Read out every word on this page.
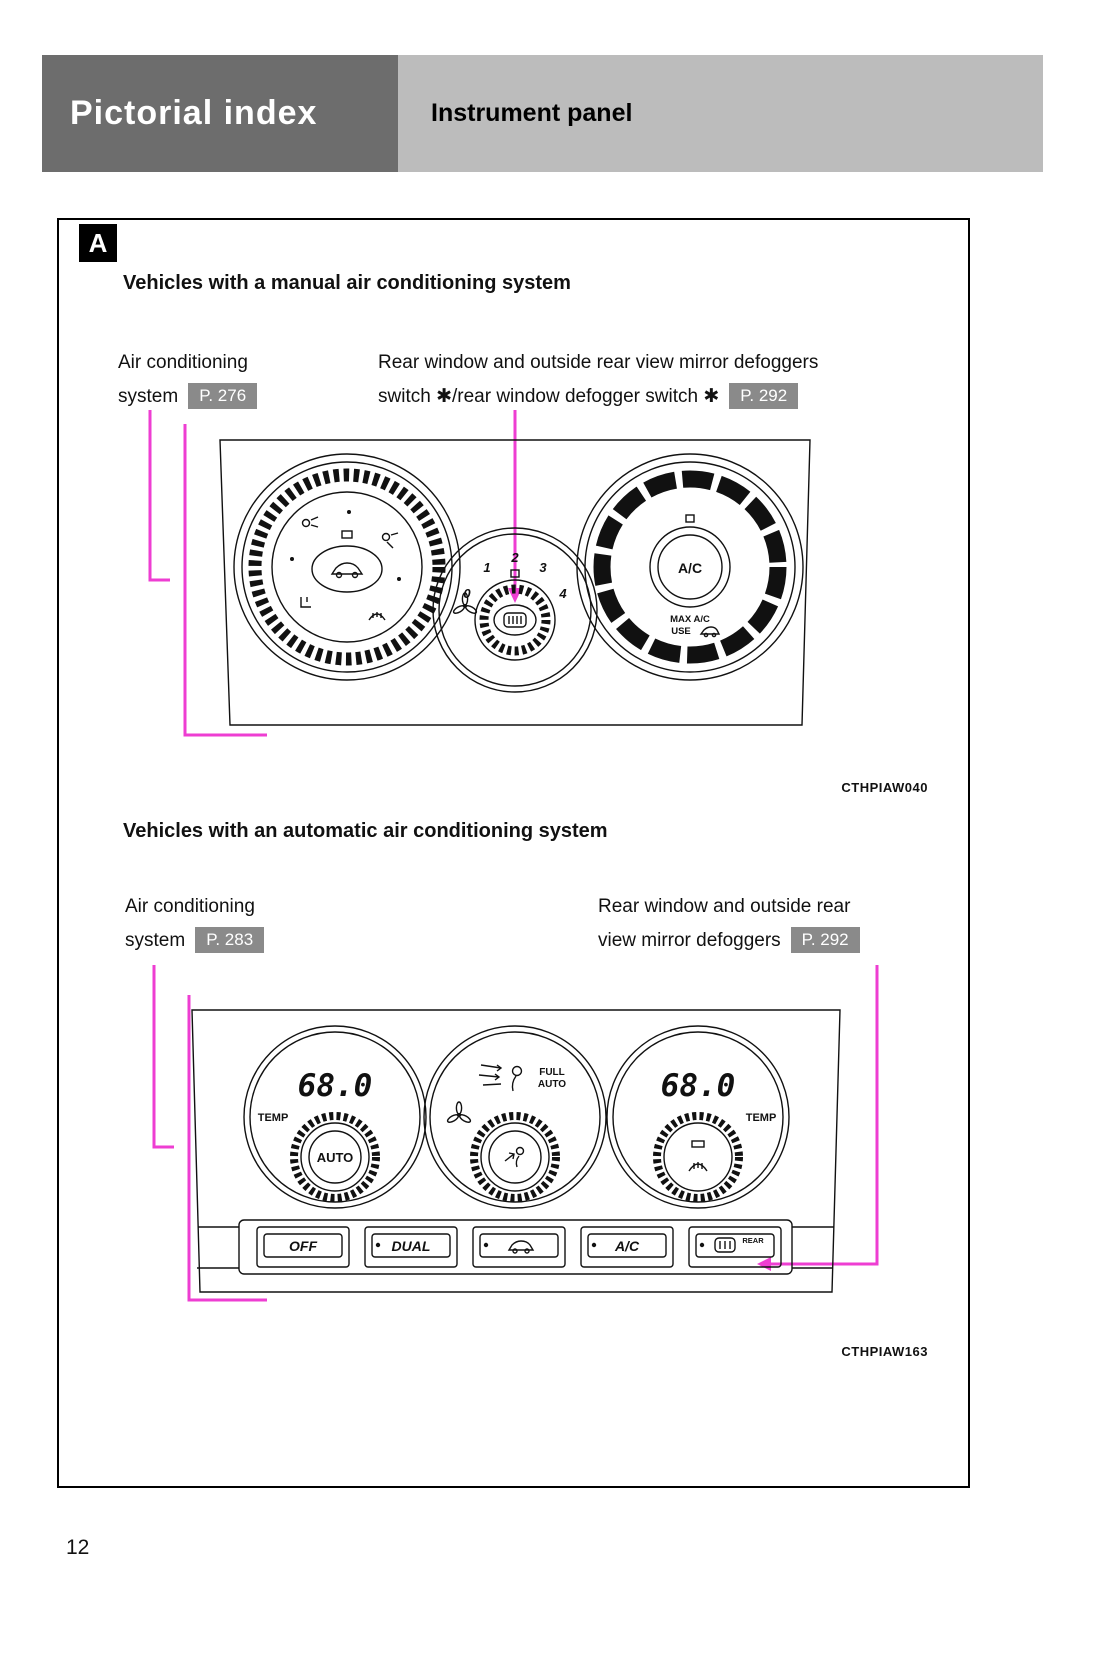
Pictorial index	Instrument panel
A
Vehicles with a manual air conditioning system
Air conditioning
system P. 276
Rear window and outside rear view mirror defoggers
switch ✱/rear window defogger switch ✱ P. 292
0
1
2
3
4
A/C
MAX A/C
USE
CTHPIAW040
Vehicles with an automatic air conditioning system
Air conditioning
system P. 283
Rear window and outside rear
view mirror defoggers P. 292
68.0	68.0
TEMP	TEMP
AUTO
FULL
AUTO
OFF	DUAL	A/C	REAR
CTHPIAW163
12
